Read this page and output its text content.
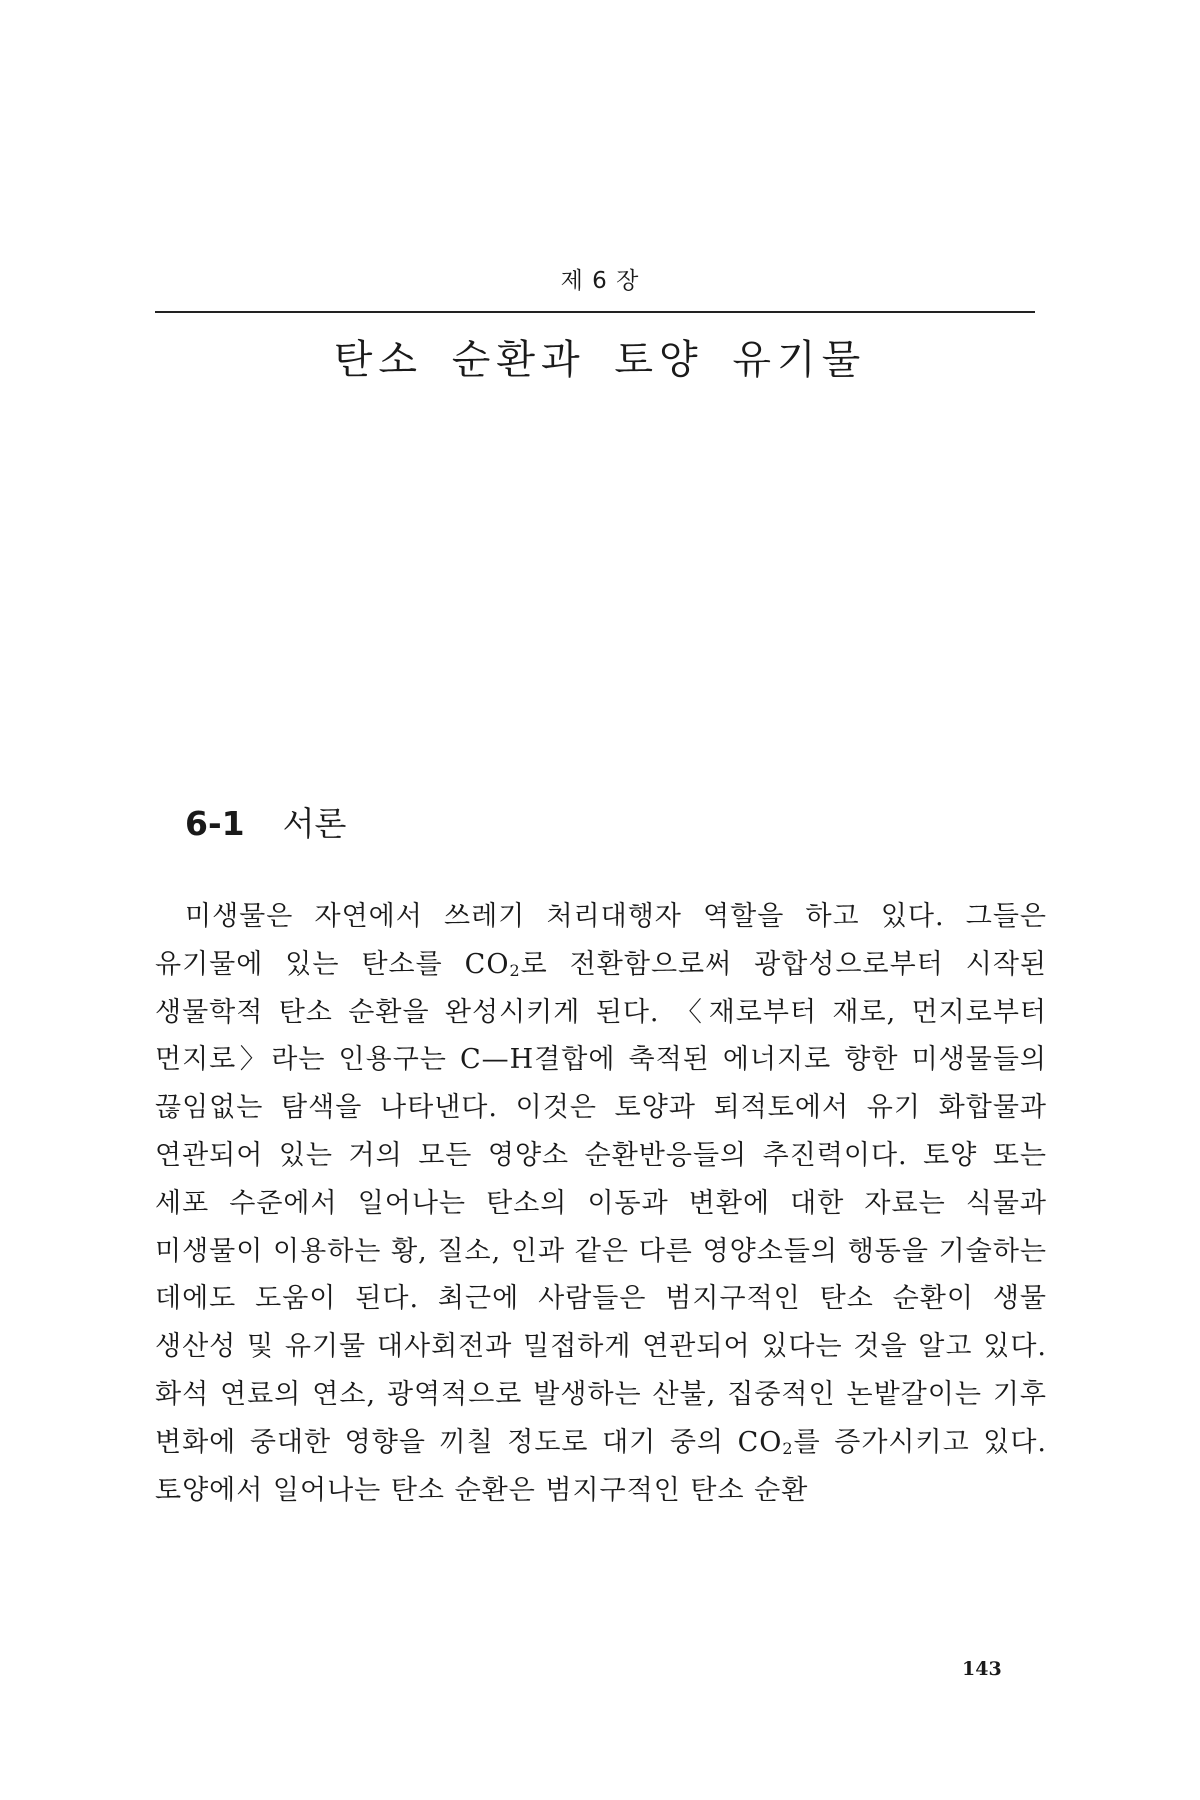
제 6 장
탄소 순환과 토양 유기물
6-1 서론

미생물은 자연에서 쓰레기 처리대행자 역할을 하고 있다. 그들은 유기물에 있는 탄소를 $CO_2$로 전환함으로써 광합성으로부터 시작된 생물학적 탄소 순환을 완성시키게 된다. 〈재로부터 재로, 먼지로부터 먼지로〉라는 인용구는 C—H결합에 축적된 에너지로 향한 미생물들의 끊임없는 탐색을 나타낸다. 이것은 토양과 퇴적토에서 유기 화합물과 연관되어 있는 거의 모든 영양소 순환반응들의 추진력이다. 토양 또는 세포 수준에서 일어나는 탄소의 이동과 변환에 대한 자료는 식물과 미생물이 이용하는 황, 질소, 인과 같은 다른 영양소들의 행동을 기술하는 데에도 도움이 된다. 최근에 사람들은 범지구적인 탄소 순환이 생물 생산성 및 유기물 대사회전과 밀접하게 연관되어 있다는 것을 알고 있다. 화석 연료의 연소, 광역적으로 발생하는 산불, 집중적인 논밭갈이는 기후 변화에 중대한 영향을 끼칠 정도로 대기 중의 $CO_2$를 증가시키고 있다. 토양에서 일어나는 탄소 순환은 범지구적인 탄소 순환

143
